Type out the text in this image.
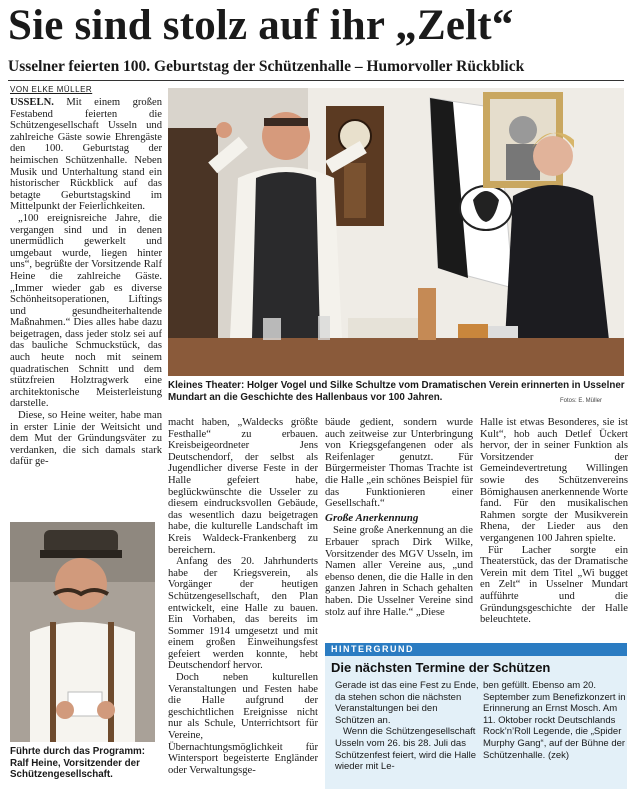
Sie sind stolz auf ihr „Zelt“
Usselner feierten 100. Geburtstag der Schützenhalle – Humorvoller Rückblick
VON ELKE MÜLLER

USSELN. Mit einem großen Festabend feierten die Schützengesellschaft Usseln und zahlreiche Gäste sowie Ehrengäste den 100. Geburtstag der heimischen Schützenhalle. Neben Musik und Unterhaltung stand ein historischer Rückblick auf das betagte Geburtstagskind im Mittelpunkt der Feierlichkeiten.

„100 ereignisreiche Jahre, die vergangen sind und in denen unermüdlich gewerkelt und umgebaut wurde, liegen hinter uns“, begrüßte der Vorsitzende Ralf Heine die zahlreiche Gäste. „Immer wieder gab es diverse Schönheitsoperationen, Liftings und gesundheiterhaltende Maßnahmen.“ Dies alles habe dazu beigetragen, dass jeder stolz sei auf das bauliche Schmuckstück, das auch heute noch mit seinem quadratischen Schnitt und dem stützfreien Holztragwerk eine architektonische Meisterleistung darstelle.

Diese, so Heine weiter, habe man in erster Linie der Weitsicht und dem Mut der Gründungsväter zu verdanken, die sich damals stark dafür ge-

Kleines Theater: Holger Vogel und Silke Schultze vom Dramatischen Verein erinnerten in Usselner Mundart an die Geschichte des Hallenbaus vor 100 Jahren.	Fotos: E. Müller
Führte durch das Programm: Ralf Heine, Vorsitzender der Schützengesellschaft.

macht haben, „Waldecks größte Festhalle“ zu erbauen. Kreisbeigeordneter Jens Deutschendorf, der selbst als Jugendlicher diverse Feste in der Halle gefeiert habe, beglückwünschte die Usseler zu diesem eindrucksvollen Gebäude, das wesentlich dazu beigetragen habe, die kulturelle Landschaft im Kreis Waldeck-Frankenberg zu bereichern.

Anfang des 20. Jahrhunderts habe der Kriegsverein, als Vorgänger der heutigen Schützengesellschaft, den Plan entwickelt, eine Halle zu bauen. Ein Vorhaben, das bereits im Sommer 1914 umgesetzt und mit einem großen Einweihungsfest gefeiert werden konnte, hebt Deutschendorf hervor.

Doch neben kulturellen Veranstaltungen und Festen habe die Halle aufgrund der geschichtlichen Ereignisse nicht nur als Schule, Unterrichtsort für Vereine, Übernachtungsmöglichkeit für Wintersport begeisterte Engländer oder Verwaltungsge-

bäude gedient, sondern wurde auch zeitweise zur Unterbringung von Kriegsgefangenen oder als Reifenlager genutzt. Für Bürgermeister Thomas Trachte ist die Halle „ein schönes Beispiel für das Funktionieren einer Gesellschaft.“

Große Anerkennung

Seine große Anerkennung an die Erbauer sprach Dirk Wilke, Vorsitzender des MGV Usseln, im Namen aller Vereine aus, „und ebenso denen, die die Halle in den ganzen Jahren in Schach gehalten haben. Die Usselner Vereine sind stolz auf ihre Halle.“ „Diese

Halle ist etwas Besonderes, sie ist Kult“, hob auch Detlef Ückert hervor, der in seiner Funktion als Vorsitzender der Gemeindevertretung Willingen sowie des Schützenvereins Bömighausen anerkennende Worte fand. Für den musikalischen Rahmen sorgte der Musikverein Rhena, der Lieder aus den vergangenen 100 Jahren spielte.

Für Lacher sorgte ein Theaterstück, das der Dramatische Verein mit dem Titel „Wi bugget en Zelt“ in Usselner Mundart aufführte und die Gründungsgeschichte der Halle beleuchtete.

HINTERGRUND
Die nächsten Termine der Schützen

Gerade ist das eine Fest zu Ende, da stehen schon die nächsten Veranstaltungen bei den Schützen an.

Wenn die Schützengesellschaft Usseln vom 26. bis 28. Juli das Schützenfest feiert, wird die Halle wieder mit Le-

ben gefüllt. Ebenso am 20. September zum Benefizkonzert in Erinnerung an Ernst Mosch. Am 11. Oktober rockt Deutschlands Rock’n’Roll Legende, die „Spider Murphy Gang“, auf der Bühne der Schützenhalle. (zek)
